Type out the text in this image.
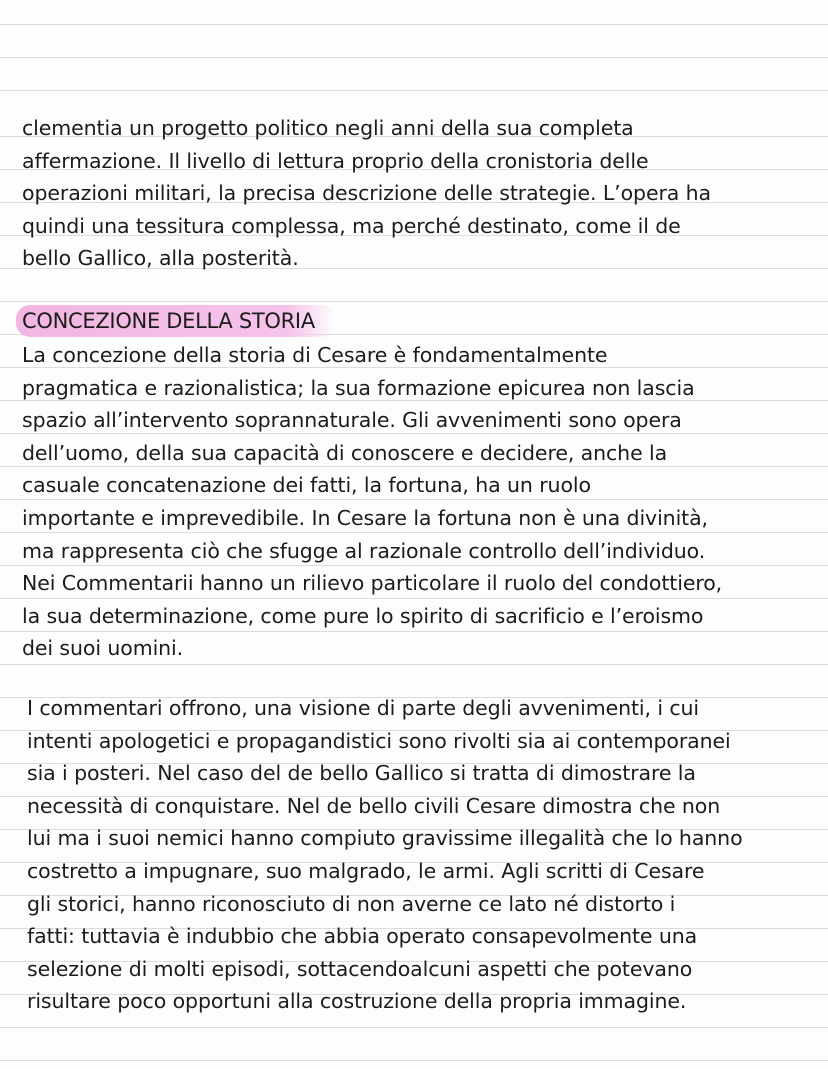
clementia un progetto politico negli anni della sua completa
affermazione. Il livello di lettura proprio della cronistoria delle
operazioni militari, la precisa descrizione delle strategie. L’opera ha
quindi una tessitura complessa, ma perché destinato, come il de
bello Gallico, alla posterità.

CONCEZIONE DELLA STORIA

La concezione della storia di Cesare è fondamentalmente
pragmatica e razionalistica; la sua formazione epicurea non lascia
spazio all’intervento soprannaturale. Gli avvenimenti sono opera
dell’uomo, della sua capacità di conoscere e decidere, anche la
casuale concatenazione dei fatti, la fortuna, ha un ruolo
importante e imprevedibile. In Cesare la fortuna non è una divinità,
ma rappresenta ciò che sfugge al razionale controllo dell’individuo.
Nei Commentarii hanno un rilievo particolare il ruolo del condottiero,
la sua determinazione, come pure lo spirito di sacrificio e l’eroismo
dei suoi uomini.

I commentari offrono, una visione di parte degli avvenimenti, i cui
intenti apologetici e propagandistici sono rivolti sia ai contemporanei
sia i posteri. Nel caso del de bello Gallico si tratta di dimostrare la
necessità di conquistare. Nel de bello civili Cesare dimostra che non
lui ma i suoi nemici hanno compiuto gravissime illegalità che lo hanno
costretto a impugnare, suo malgrado, le armi. Agli scritti di Cesare
gli storici, hanno riconosciuto di non averne ce lato né distorto i
fatti: tuttavia è indubbio che abbia operato consapevolmente una
selezione di molti episodi, sottacendoalcuni aspetti che potevano
risultare poco opportuni alla costruzione della propria immagine.
